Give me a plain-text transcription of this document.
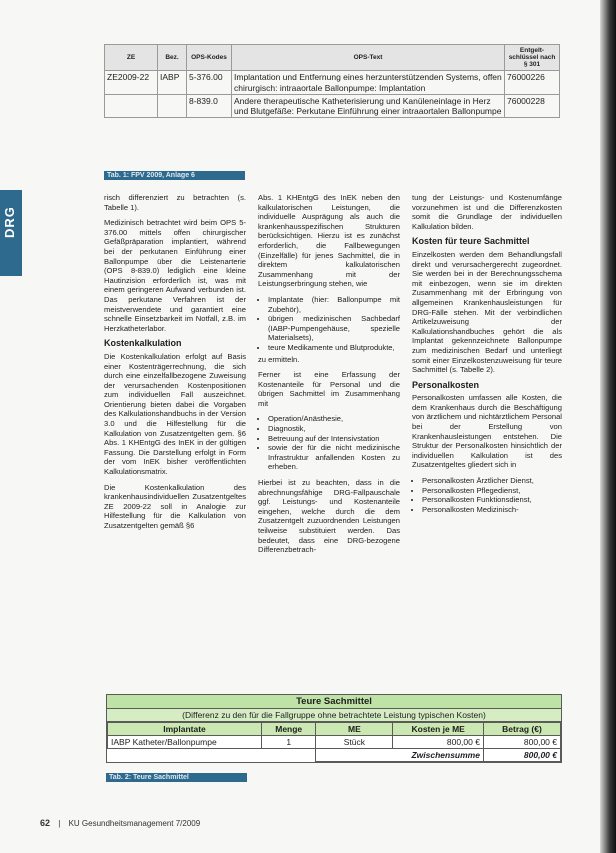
DRG
ZE	Bez.	OPS-Kodes	OPS-Text	Entgelt-schlüssel nach § 301
ZE2009-22	IABP	5-376.00	Implantation und Entfernung eines herzunterstützenden Systems, offen chirurgisch: intraaortale Ballonpumpe: Implantation	76000226
		8-839.0	Andere therapeutische Katheterisierung und Kanüleneinlage in Herz und Blutgefäße: Perkutane Einführung einer intraaortalen Ballonpumpe	76000228
Tab. 1: FPV 2009, Anlage 6

risch differenziert zu betrachten (s. Tabelle 1).

Medizinisch betrachtet wird beim OPS 5-376.00 mittels offen chirurgischer Gefäßpräparation implantiert, während bei der perkutanen Einführung einer Ballonpumpe über die Leistenarterie (OPS 8-839.0) lediglich eine kleine Hautinzision erforderlich ist, was mit einem geringeren Aufwand verbunden ist. Das perkutane Verfahren ist der meistverwendete und garantiert eine schnelle Einsetzbarkeit im Notfall, z.B. im Herzkatheterlabor.

Kostenkalkulation

Die Kostenkalkulation erfolgt auf Basis einer Kostenträgerrechnung, die sich durch eine einzelfallbezogene Zuweisung der verursachenden Kostenpositionen zum individuellen Fall auszeichnet. Orientierung bieten dabei die Vorgaben des Kalkulationshandbuchs in der Version 3.0 und die Hilfestellung für die Kalkulation von Zusatzentgelten gem. §6 Abs. 1 KHEntgG des InEK in der gültigen Fassung. Die Darstellung erfolgt in Form der vom InEK bisher veröffentlichten Kalkulationsmatrix.

Die Kostenkalkulation des krankenhausindividuellen Zusatzentgeltes ZE 2009-22 soll in Analogie zur Hilfestellung für die Kalkulation von Zusatzentgelten gemäß §6

Abs. 1 KHEntgG des InEK neben den kalkulatorischen Leistungen, die individuelle Ausprägung als auch die krankenhausspezifischen Strukturen berücksichtigen. Hierzu ist es zunächst erforderlich, die Fallbewegungen (Einzelfälle) für jenes Sachmittel, die in direktem kalkulatorischen Zusammenhang mit der Leistungserbringung stehen, wie

• Implantate (hier: Ballonpumpe mit Zubehör),
• übrigen medizinischen Sachbedarf (IABP-Pumpengehäuse, spezielle Materialsets),
• teure Medikamente und Blutprodukte,

zu ermitteln.

Ferner ist eine Erfassung der Kostenanteile für Personal und die übrigen Sachmittel im Zusammenhang mit

• Operation/Anästhesie,
• Diagnostik,
• Betreuung auf der Intensivstation
• sowie der für die nicht medizinische Infrastruktur anfallenden Kosten zu erheben.

Hierbei ist zu beachten, dass in die abrechnungsfähige DRG-Fallpauschale ggf. Leistungs- und Kostenanteile eingehen, welche durch die dem Zusatzentgelt zuzuordnenden Leistungen teilweise substituiert werden. Das bedeutet, dass eine DRG-bezogene Differenzbetrach-

tung der Leistungs- und Kostenumfänge vorzunehmen ist und die Differenzkosten somit die Grundlage der individuellen Kalkulation bilden.

Kosten für teure Sachmittel

Einzelkosten werden dem Behandlungsfall direkt und verursachergerecht zugeordnet. Sie werden bei in der Berechnungsschema mit einbezogen, wenn sie im direkten Zusammenhang mit der Erbringung von allgemeinen Krankenhausleistungen für DRG-Fälle stehen. Mit der verbindlichen Artikelzuweisung der Kalkulationshandbuches gehört die als Implantat gekennzeichnete Ballonpumpe zum medizinischen Bedarf und unterliegt somit einer Einzelkostenzuweisung für teure Sachmittel (s. Tabelle 2).

Personalkosten

Personalkosten umfassen alle Kosten, die dem Krankenhaus durch die Beschäftigung von ärztlichem und nichtärztlichem Personal bei der Erstellung von Krankenhausleistungen entstehen. Die Struktur der Personalkosten hinsichtlich der individuellen Kalkulation ist des Zusatzentgeltes gliedert sich in

• Personalkosten Ärztlicher Dienst,
• Personalkosten Pflegedienst,
• Personalkosten Funktionsdienst,
• Personalkosten Medizinisch-
Teure Sachmittel
(Differenz zu den für die Fallgruppe ohne betrachtete Leistung typischen Kosten)
Implantate	Menge	ME	Kosten je ME	Betrag (€)
IABP Katheter/Ballonpumpe	1	Stück	800,00 €	800,00 €
		Zwischensumme		800,00 €
Tab. 2: Teure Sachmittel
62 | KU Gesundheitsmanagement 7/2009
